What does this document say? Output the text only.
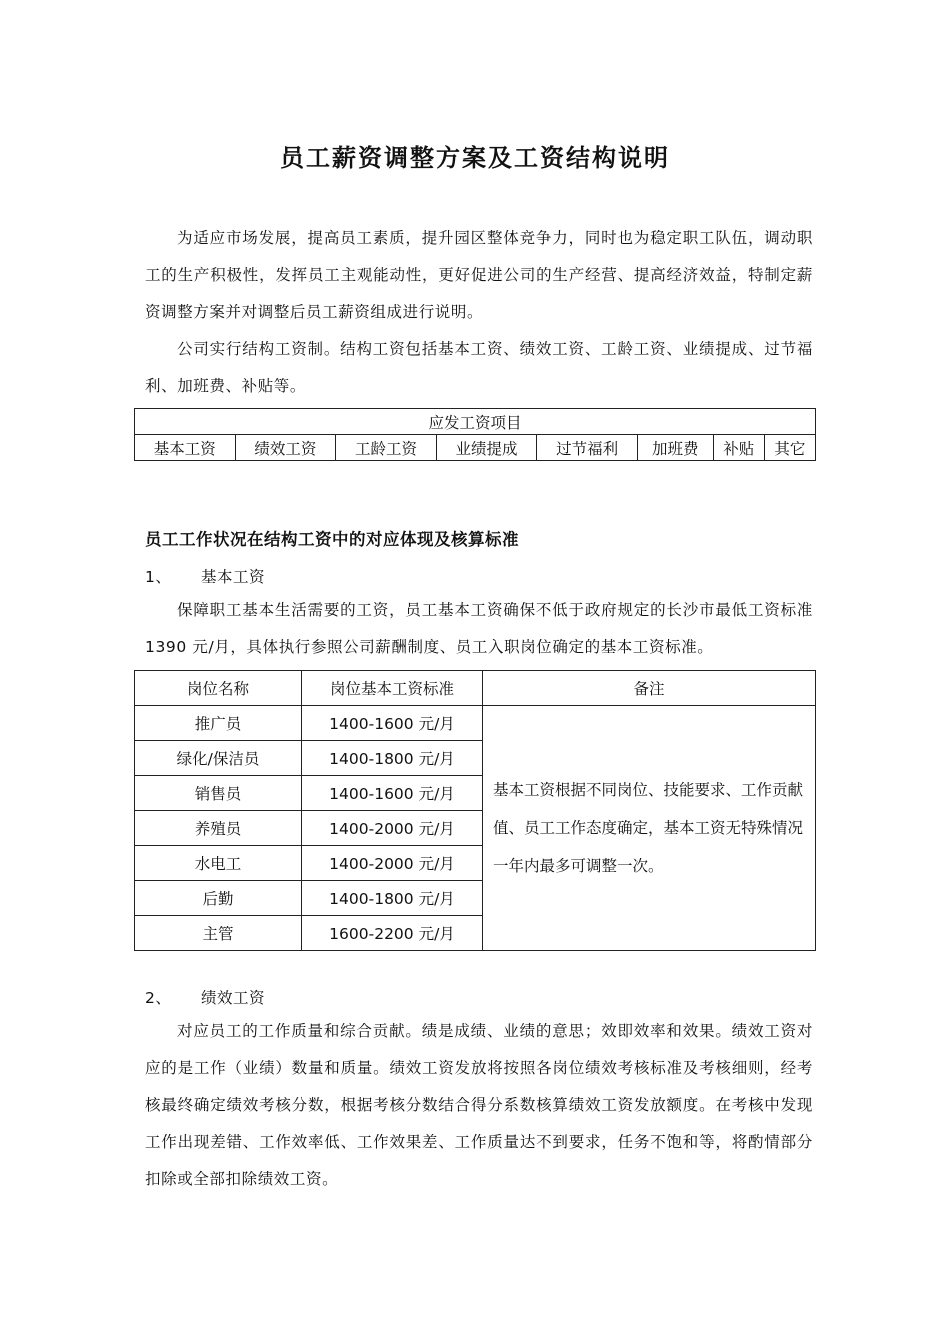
员工薪资调整方案及工资结构说明

为适应市场发展，提高员工素质，提升园区整体竞争力，同时也为稳定职工队伍，调动职工的生产积极性，发挥员工主观能动性，更好促进公司的生产经营、提高经济效益，特制定薪资调整方案并对调整后员工薪资组成进行说明。

公司实行结构工资制。结构工资包括基本工资、绩效工资、工龄工资、业绩提成、过节福利、加班费、补贴等。

应发工资项目
基本工资	绩效工资	工龄工资	业绩提成	过节福利	加班费	补贴	其它
员工工作状况在结构工资中的对应体现及核算标准
1、 基本工资

保障职工基本生活需要的工资，员工基本工资确保不低于政府规定的长沙市最低工资标准 1390 元/月，具体执行参照公司薪酬制度、员工入职岗位确定的基本工资标准。

岗位名称	岗位基本工资标准	备注
推广员	1400-1600 元/月	基本工资根据不同岗位、技能要求、工作贡献值、员工工作态度确定，基本工资无特殊情况一年内最多可调整一次。
绿化/保洁员	1400-1800 元/月	
销售员	1400-1600 元/月	
养殖员	1400-2000 元/月	
水电工	1400-2000 元/月	
后勤	1400-1800 元/月	
主管	1600-2200 元/月	
2、 绩效工资

对应员工的工作质量和综合贡献。绩是成绩、业绩的意思；效即效率和效果。绩效工资对应的是工作（业绩）数量和质量。绩效工资发放将按照各岗位绩效考核标准及考核细则，经考核最终确定绩效考核分数，根据考核分数结合得分系数核算绩效工资发放额度。在考核中发现工作出现差错、工作效率低、工作效果差、工作质量达不到要求，任务不饱和等，将酌情部分扣除或全部扣除绩效工资。
